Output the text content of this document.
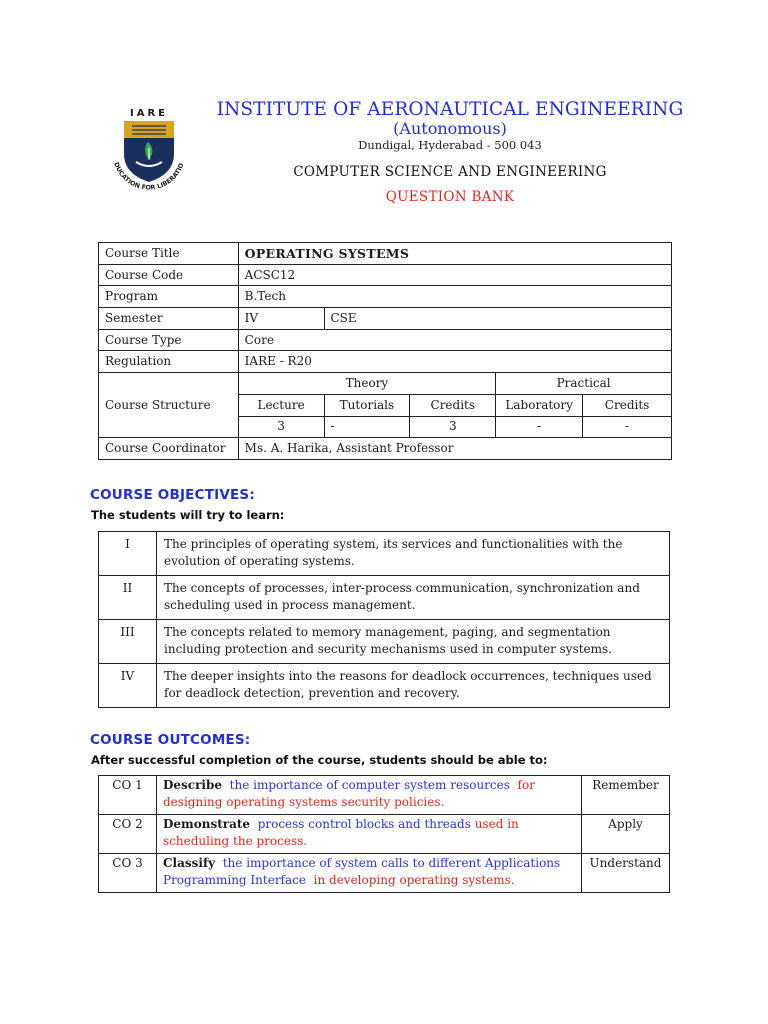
IARE
DUCATION FOR LIBERATIO
INSTITUTE OF AERONAUTICAL ENGINEERING
(Autonomous)
Dundigal, Hyderabad - 500 043
COMPUTER SCIENCE AND ENGINEERING
QUESTION BANK
Course Title	OPERATING SYSTEMS				
Course Code	ACSC12				
Program	B.Tech				
Semester	IV	CSE			
Course Type	Core				
Regulation	IARE - R20				
Course Structure	Theory			Practical	
	Lecture	Tutorials	Credits	Laboratory	Credits
	3	-	3	-	-
Course Coordinator	Ms. A. Harika, Assistant Professor				
COURSE OBJECTIVES:
The students will try to learn:
I	The principles of operating system, its services and functionalities with the evolution of operating systems.
II	The concepts of processes, inter-process communication, synchronization and scheduling used in process management.
III	The concepts related to memory management, paging, and segmentation including protection and security mechanisms used in computer systems.
IV	The deeper insights into the reasons for deadlock occurrences, techniques used for deadlock detection, prevention and recovery.
COURSE OUTCOMES:
After successful completion of the course, students should be able to:
CO 1	Describe the importance of computer system resources for designing operating systems security policies.	Remember
CO 2	Demonstrate process control blocks and threads used in scheduling the process.	Apply
CO 3	Classify the importance of system calls to different Applications Programming Interface in developing operating systems.	Understand
